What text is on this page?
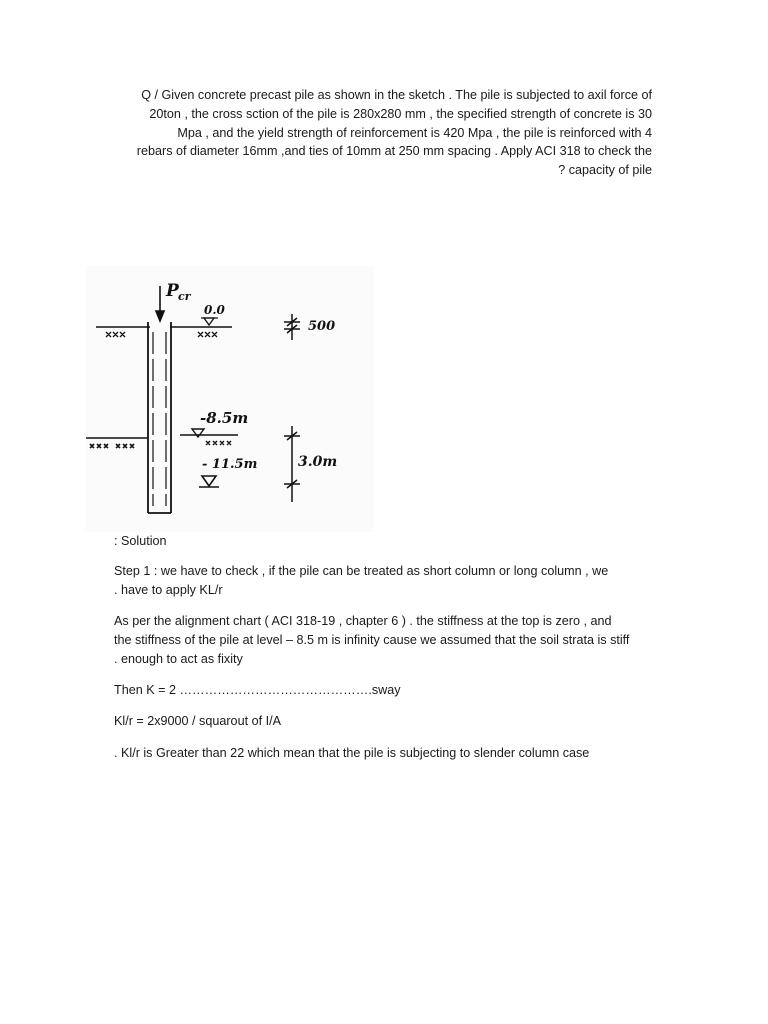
Q / Given concrete precast pile as shown in the sketch . The pile is subjected to axil force of

20ton , the cross sction of the pile is 280x280 mm , the specified strength of concrete is 30

Mpa , and the yield strength of reinforcement is 420 Mpa , the pile is reinforced with 4

rebars of diameter 16mm ,and ties of 10mm at 250 mm spacing . Apply ACI 318 to check the

? capacity of pile

P cr
0.0
500
-8.5m
- 11.5m	3.0m

: Solution

Step 1 : we have to check , if the pile can be treated as short column or long column , we
. have to apply KL/r

As per the alignment chart ( ACI 318-19 , chapter 6 ) . the stiffness at the top is zero , and
the stiffness of the pile at level – 8.5 m is infinity cause we assumed that the soil strata is stiff
. enough to act as fixity

Then K = 2 ……………………………………….sway

Kl/r = 2x9000 / squarout of I/A

. Kl/r is Greater than 22 which mean that the pile is subjecting to slender column case
